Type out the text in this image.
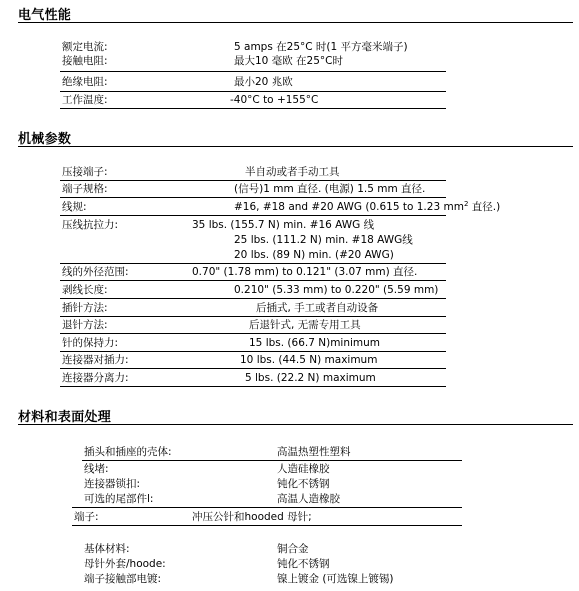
电气性能
额定电流:	5 amps 在25°C 时(1 平方毫米端子)
接触电阻:	最大10 毫欧 在25°C时
绝缘电阻:	最小20 兆欧
工作温度:	-40°C to +155°C
机械参数
压接端子:	半自动或者手动工具
端子规格:	(信号)1 mm 直径. (电源) 1.5 mm 直径.
线规:	#16, #18 and #20 AWG (0.615 to 1.23 $mm^2$ 直径.)
压线抗拉力:	35 lbs. (155.7 N) min. #16 AWG 线
25 lbs. (111.2 N) min. #18 AWG线
20 lbs. (89 N) min. (#20 AWG)
线的外径范围:	0.70" (1.78 mm) to 0.121" (3.07 mm) 直径.
剥线长度:	0.210" (5.33 mm) to 0.220" (5.59 mm)
插针方法:	后插式, 手工或者自动设备
退针方法:	后退针式, 无需专用工具
针的保持力:	15 lbs. (66.7 N)minimum
连接器对插力:	10 lbs. (44.5 N) maximum
连接器分离力:	5 lbs. (22.2 N) maximum
材料和表面处理
插头和插座的壳体:	高温热塑性塑料
线堵:	人造硅橡胶
连接器锁扣:	钝化不锈钢
可选的尾部件l:	高温人造橡胶
端子:	冲压公针和hooded 母针;
基体材料:	铜合金
母针外套/hoode:	钝化不锈钢
端子接触部电镀:	镍上镀金 (可选镍上镀锡)
